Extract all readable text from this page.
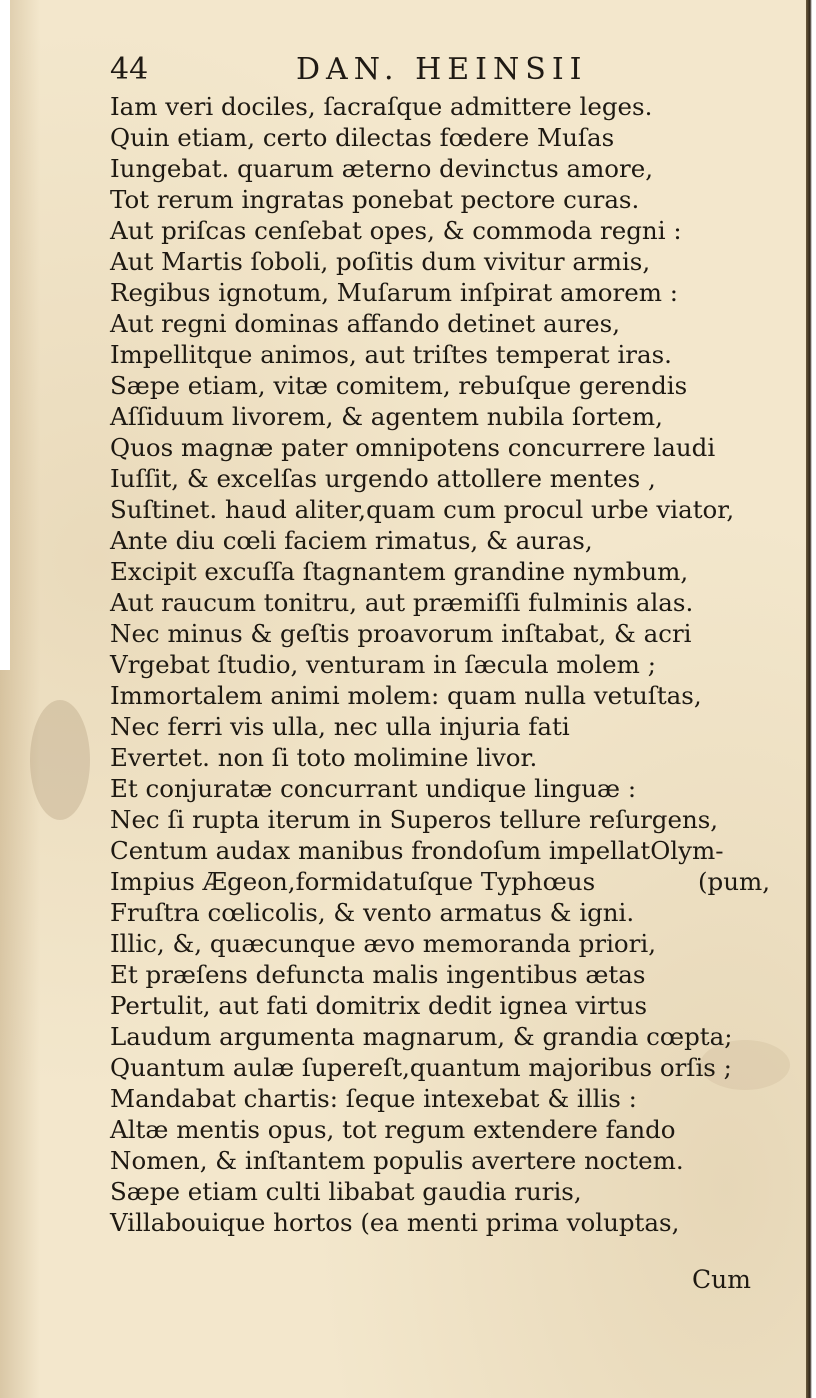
44	DAN. HEINSII
Iam veri dociles, ſacraſque admittere leges.
Quin etiam, certo dilectas fœdere Muſas
Iungebat. quarum æterno devinctus amore,
Tot rerum ingratas ponebat pectore curas.
Aut priſcas cenſebat opes, & commoda regni :
Aut Martis ſoboli, poſitis dum vivitur armis,
Regibus ignotum, Muſarum inſpirat amorem :
Aut regni dominas affando detinet aures,
Impellitque animos, aut triſtes temperat iras.
Sæpe etiam, vitæ comitem, rebuſque gerendis
Aſſiduum livorem, & agentem nubila ſortem,
Quos magnæ pater omnipotens concurrere laudi
Iuſſit, & excelſas urgendo attollere mentes ,
Suſtinet. haud aliter,quam cum procul urbe viator,
Ante diu cœli faciem rimatus, & auras,
Excipit excuſſa ſtagnantem grandine nymbum,
Aut raucum tonitru, aut præmiſſi fulminis alas.
Nec minus & geſtis proavorum inſtabat, & acri
Vrgebat ſtudio, venturam in ſæcula molem ;
Immortalem animi molem: quam nulla vetuſtas,
Nec ferri vis ulla, nec ulla injuria fati
Evertet. non ſi toto molimine livor.
Et conjuratæ concurrant undique linguæ :
Nec ſi rupta iterum in Superos tellure reſurgens,
Centum audax manibus frondoſum impellatOlym-
Impius Ægeon,formidatuſque Typhœus	(pum,
Fruſtra cœlicolis, & vento armatus & igni.
Illic, &, quæcunque ævo memoranda priori,
Et præſens defuncta malis ingentibus ætas
Pertulit, aut fati domitrix dedit ignea virtus
Laudum argumenta magnarum, & grandia cœpta;
Quantum aulæ ſupereſt,quantum majoribus orſis ;
Mandabat chartis: ſeque intexebat & illis :
Altæ mentis opus, tot regum extendere fando
Nomen, & inſtantem populis avertere noctem.
Sæpe etiam culti libabat gaudia ruris,
Villabouique hortos (ea menti prima voluptas,
Cum
